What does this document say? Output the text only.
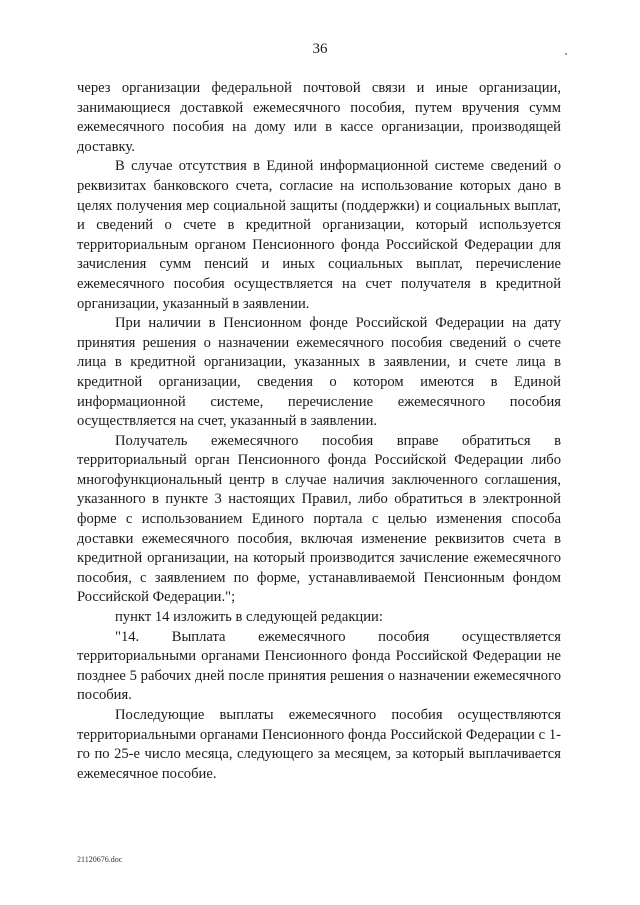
36

через организации федеральной почтовой связи и иные организации, занимающиеся доставкой ежемесячного пособия, путем вручения сумм ежемесячного пособия на дому или в кассе организации, производящей доставку.

В случае отсутствия в Единой информационной системе сведений о реквизитах банковского счета, согласие на использование которых дано в целях получения мер социальной защиты (поддержки) и социальных выплат, и сведений о счете в кредитной организации, который используется территориальным органом Пенсионного фонда Российской Федерации для зачисления сумм пенсий и иных социальных выплат, перечисление ежемесячного пособия осуществляется на счет получателя в кредитной организации, указанный в заявлении.

При наличии в Пенсионном фонде Российской Федерации на дату принятия решения о назначении ежемесячного пособия сведений о счете лица в кредитной организации, указанных в заявлении, и счете лица в кредитной организации, сведения о котором имеются в Единой информационной системе, перечисление ежемесячного пособия осуществляется на счет, указанный в заявлении.

Получатель ежемесячного пособия вправе обратиться в территориальный орган Пенсионного фонда Российской Федерации либо многофункциональный центр в случае наличия заключенного соглашения, указанного в пункте 3 настоящих Правил, либо обратиться в электронной форме с использованием Единого портала с целью изменения способа доставки ежемесячного пособия, включая изменение реквизитов счета в кредитной организации, на который производится зачисление ежемесячного пособия, с заявлением по форме, устанавливаемой Пенсионным фондом Российской Федерации.";

пункт 14 изложить в следующей редакции:

"14. Выплата ежемесячного пособия осуществляется территориальными органами Пенсионного фонда Российской Федерации не позднее 5 рабочих дней после принятия решения о назначении ежемесячного пособия.

Последующие выплаты ежемесячного пособия осуществляются территориальными органами Пенсионного фонда Российской Федерации с 1-го по 25-е число месяца, следующего за месяцем, за который выплачивается ежемесячное пособие.

21120676.doc
